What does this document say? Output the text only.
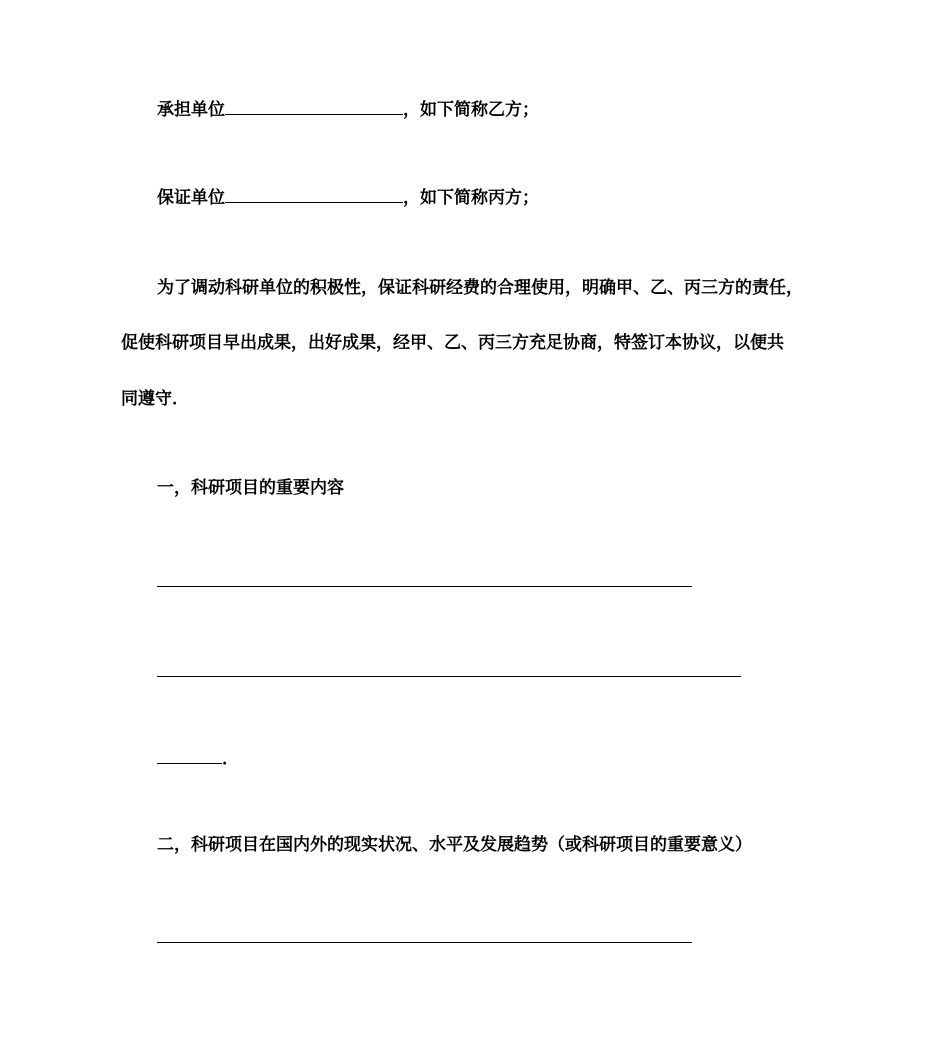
承担单位	，如下简称乙方；
保证单位	，如下简称丙方；
为了调动科研单位的积极性，保证科研经费的合理使用，明确甲、乙、丙三方的责任，
促使科研项目早出成果，出好成果，经甲、乙、丙三方充足协商，特签订本协议，以便共
同遵守．
一，科研项目的重要内容
．
二，科研项目在国内外的现实状况、水平及发展趋势（或科研项目的重要意义）
